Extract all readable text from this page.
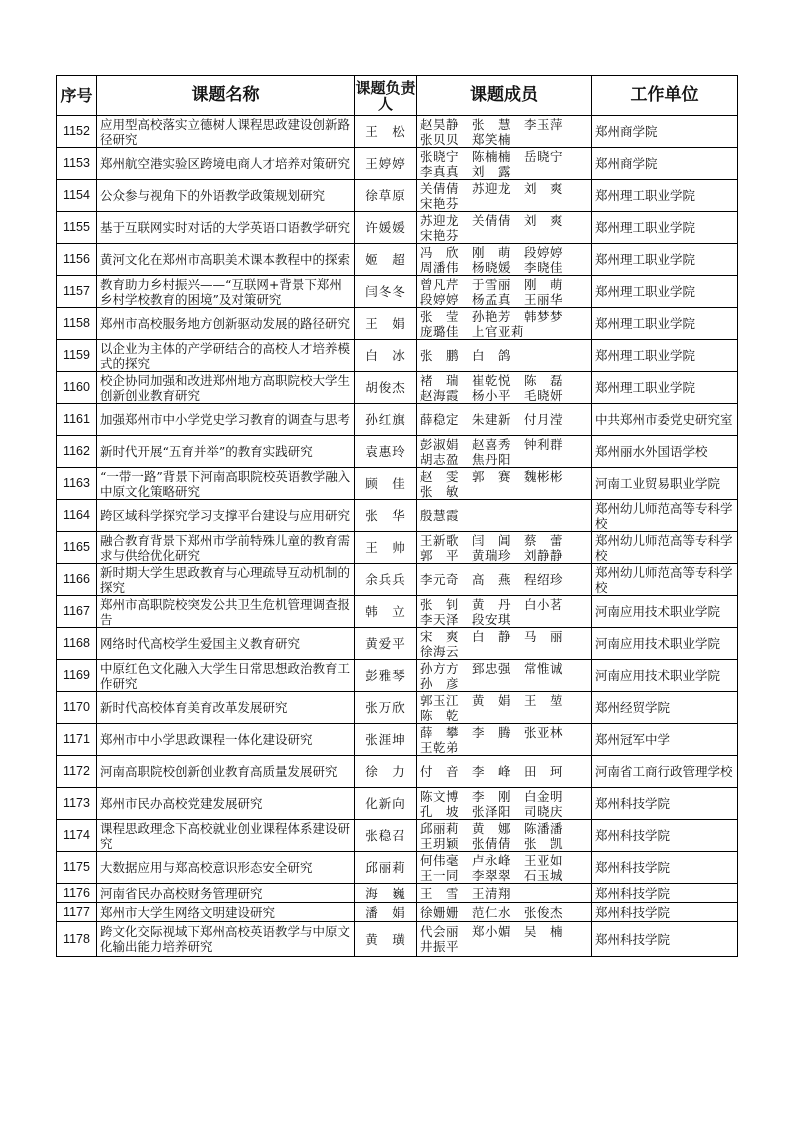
序号	课题名称	课题负责人	课题成员	工作单位
1152	应用型高校落实立德树人课程思政建设创新路径研究	王　松	赵昊静　张　慧　李玉萍
张贝贝　郑笑楠	郑州商学院
1153	郑州航空港实验区跨境电商人才培养对策研究	王婷婷	张晓宁　陈楠楠　岳晓宁
李真真　刘　露	郑州商学院
1154	公众参与视角下的外语教学政策规划研究	徐草原	关倩倩　苏迎龙　刘　爽
宋艳芬	郑州理工职业学院
1155	基于互联网实时对话的大学英语口语教学研究	许媛媛	苏迎龙　关倩倩　刘　爽
宋艳芬	郑州理工职业学院
1156	黄河文化在郑州市高职美术课本教程中的探索	姬　超	冯　欣　刚　萌　段婷婷
周潘伟　杨晓媛　李晓佳	郑州理工职业学院
1157	教育助力乡村振兴——“互联网+背景下郑州乡村学校教育的困境”及对策研究	闫冬冬	曾凡芹　于雪丽　刚　萌
段婷婷　杨孟真　王丽华	郑州理工职业学院
1158	郑州市高校服务地方创新驱动发展的路径研究	王　娟	张　莹　孙艳芳　韩梦梦
庞璐佳　上官亚莉	郑州理工职业学院
1159	以企业为主体的产学研结合的高校人才培养模式的探究	白　冰	张　鹏　白　鸽	郑州理工职业学院
1160	校企协同加强和改进郑州地方高职院校大学生创新创业教育研究	胡俊杰	褚　瑞　崔乾悦　陈　磊
赵海霞　杨小平　毛晓妍	郑州理工职业学院
1161	加强郑州市中小学党史学习教育的调查与思考	孙红旗	薛稳定　朱建新　付月滢	中共郑州市委党史研究室
1162	新时代开展“五育并举”的教育实践研究	袁惠玲	彭淑娟　赵喜秀　钟利群
胡志盈　焦丹阳	郑州丽水外国语学校
1163	“一带一路”背景下河南高职院校英语教学融入中原文化策略研究	顾　佳	赵　雯　郭　赛　魏彬彬
张　敏	河南工业贸易职业学院
1164	跨区域科学探究学习支撑平台建设与应用研究	张　华	殷慧霞	郑州幼儿师范高等专科学校
1165	融合教育背景下郑州市学前特殊儿童的教育需求与供给优化研究	王　帅	王新歌　闫　阊　蔡　蕾
郭　平　黄瑞珍　刘静静	郑州幼儿师范高等专科学校
1166	新时期大学生思政教育与心理疏导互动机制的探究	余兵兵	李元奇　高　燕　程绍珍	郑州幼儿师范高等专科学校
1167	郑州市高职院校突发公共卫生危机管理调查报告	韩　立	张　钊　黄　丹　白小茗
李天泽　段安琪	河南应用技术职业学院
1168	网络时代高校学生爱国主义教育研究	黄爱平	宋　爽　白　静　马　丽
徐海云	河南应用技术职业学院
1169	中原红色文化融入大学生日常思想政治教育工作研究	彭雅琴	孙方方　郅忠强　常惟诚
孙　彦	河南应用技术职业学院
1170	新时代高校体育美育改革发展研究	张万欣	郭玉江　黄　娟　王　堃
陈　乾	郑州经贸学院
1171	郑州市中小学思政课程一体化建设研究	张涯坤	薛　攀　李　腾　张亚林
王乾弟	郑州冠军中学
1172	河南高职院校创新创业教育高质量发展研究	徐　力	付　音　李　峰　田　珂	河南省工商行政管理学校
1173	郑州市民办高校党建发展研究	化新向	陈文博　李　刚　白金明
孔　坡　张泽阳　司晓庆	郑州科技学院
1174	课程思政理念下高校就业创业课程体系建设研究	张稳召	邱丽莉　黄　娜　陈潘潘
王玥颖　张倩倩　张　凯	郑州科技学院
1175	大数据应用与郑高校意识形态安全研究	邱丽莉	何伟毫　卢永峰　王亚如
王一同　李翠翠　石玉城	郑州科技学院
1176	河南省民办高校财务管理研究	海　巍	王　雪　王清翔	郑州科技学院
1177	郑州市大学生网络文明建设研究	潘　娟	徐姗姗　范仁水　张俊杰	郑州科技学院
1178	跨文化交际视域下郑州高校英语教学与中原文化输出能力培养研究	黄　璜	代会丽　郑小媚　吴　楠
井振平	郑州科技学院
